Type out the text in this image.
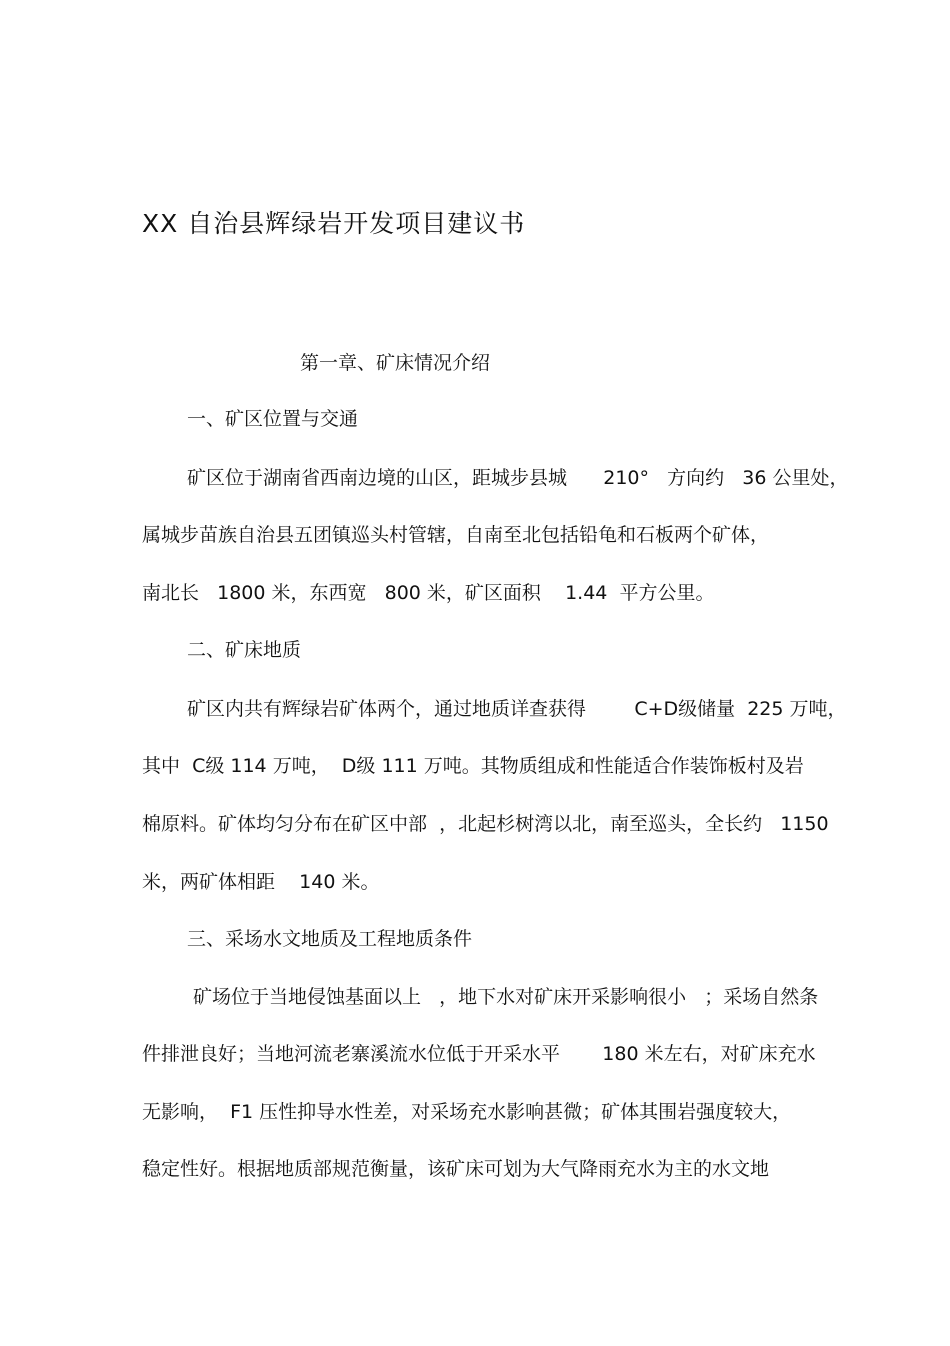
XX 自治县辉绿岩开发项目建议书
第一章、矿床情况介绍
一、矿区位置与交通
矿区位于湖南省西南边境的山区，距城步县城      210°   方向约   36 公里处，
属城步苗族自治县五团镇巡头村管辖，自南至北包括铅龟和石板两个矿体，
南北长   1800 米，东西宽   800 米，矿区面积    1.44  平方公里。
二、矿床地质
矿区内共有辉绿岩矿体两个，通过地质详查获得        C+D级储量  225 万吨，
其中  C级 114 万吨，  D级 111 万吨。其物质组成和性能适合作装饰板村及岩
棉原料。矿体均匀分布在矿区中部  ，北起杉树湾以北，南至巡头，全长约   1150
米，两矿体相距    140 米。
三、采场水文地质及工程地质条件
矿场位于当地侵蚀基面以上   ，地下水对矿床开采影响很小   ；采场自然条
件排泄良好；当地河流老寨溪流水位低于开采水平       180 米左右，对矿床充水
无影响，  F1 压性抑导水性差，对采场充水影响甚微；矿体其围岩强度较大，
稳定性好。根据地质部规范衡量，该矿床可划为大气降雨充水为主的水文地
